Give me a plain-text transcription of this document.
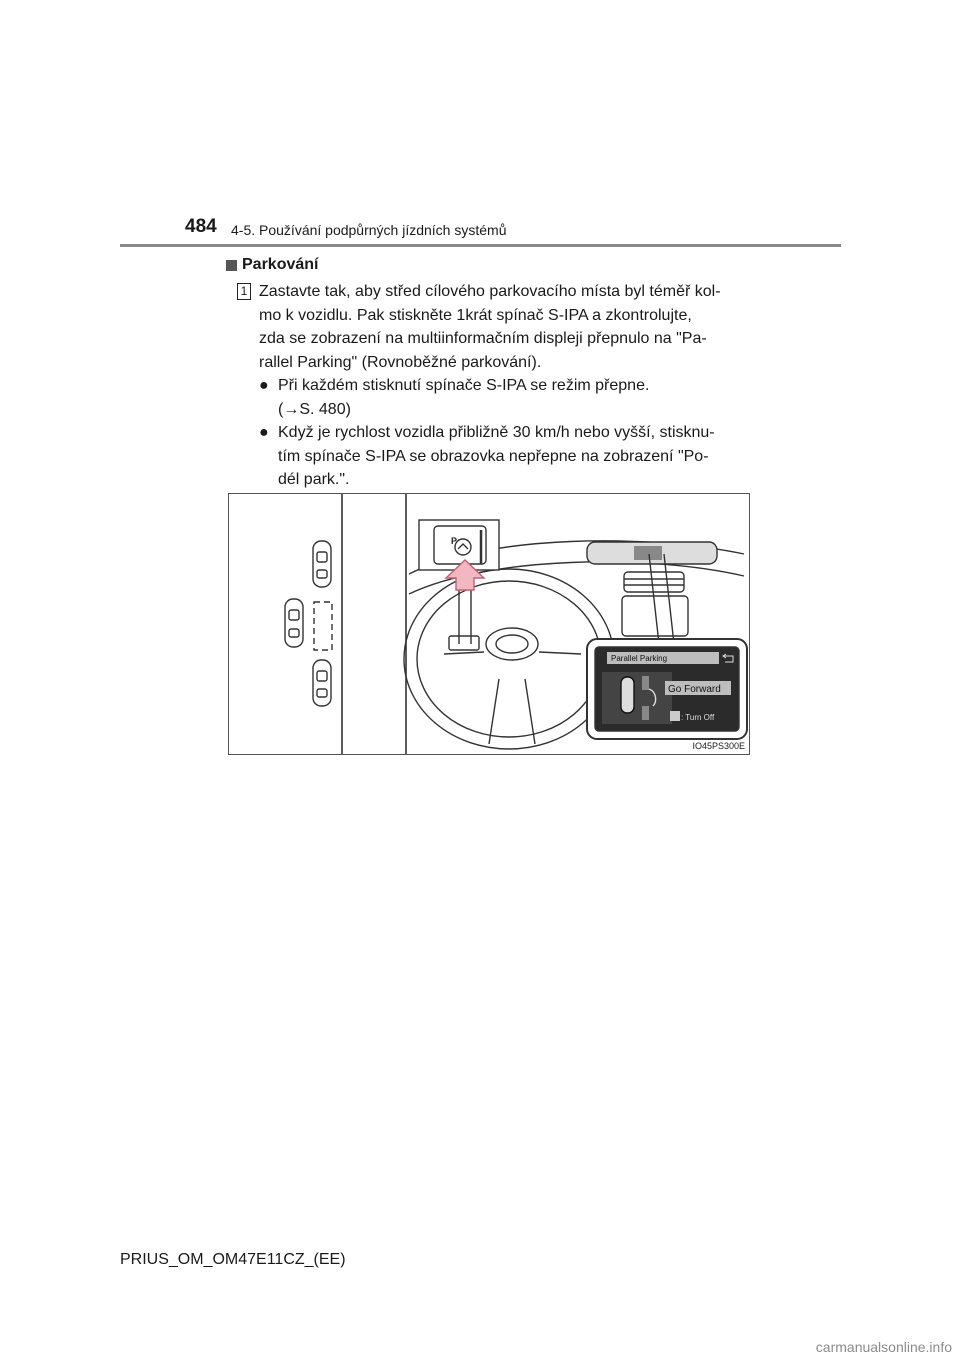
484 4-5. Používání podpůrných jízdních systémů
Parkování
1 Zastavte tak, aby střed cílového parkovacího místa byl téměř kol-
mo k vozidlu. Pak stiskněte 1krát spínač S-IPA a zkontrolujte,
zda se zobrazení na multiinformačním displeji přepnulo na "Pa-
rallel Parking" (Rovnoběžné parkování).
● Při každém stisknutí spínače S-IPA se režim přepne.
(→S. 480)
● Když je rychlost vozidla přibližně 30 km/h nebo vyšší, stisknu-
tím spínače S-IPA se obrazovka nepřepne na zobrazení "Po-
dél park.".
P
Parallel Parking
Go Forward
: Turn Off
IO45PS300E
PRIUS_OM_OM47E11CZ_(EE)
carmanualsonline.info
